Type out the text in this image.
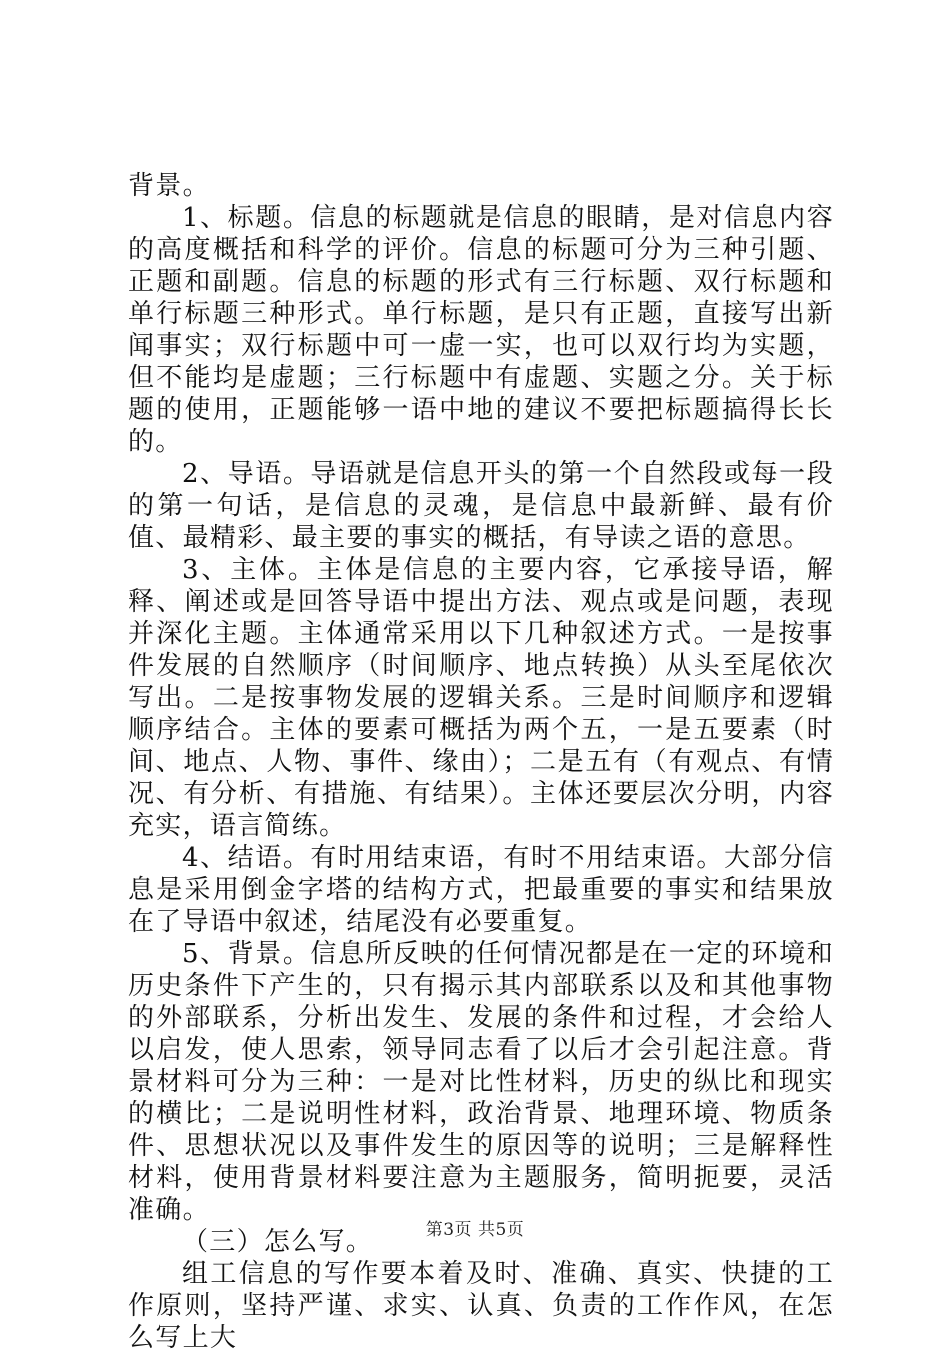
背景。

1、标题。信息的标题就是信息的眼睛，是对信息内容的高度概括和科学的评价。信息的标题可分为三种引题、正题和副题。信息的标题的形式有三行标题、双行标题和单行标题三种形式。单行标题，是只有正题，直接写出新闻事实；双行标题中可一虚一实，也可以双行均为实题，但不能均是虚题；三行标题中有虚题、实题之分。关于标题的使用，正题能够一语中地的建议不要把标题搞得长长的。

2、导语。导语就是信息开头的第一个自然段或每一段的第一句话，是信息的灵魂，是信息中最新鲜、最有价值、最精彩、最主要的事实的概括，有导读之语的意思。

3、主体。主体是信息的主要内容，它承接导语，解释、阐述或是回答导语中提出方法、观点或是问题，表现并深化主题。主体通常采用以下几种叙述方式。一是按事件发展的自然顺序（时间顺序、地点转换）从头至尾依次写出。二是按事物发展的逻辑关系。三是时间顺序和逻辑顺序结合。主体的要素可概括为两个五，一是五要素（时间、地点、人物、事件、缘由）；二是五有（有观点、有情况、有分析、有措施、有结果）。主体还要层次分明，内容充实，语言简练。

4、结语。有时用结束语，有时不用结束语。大部分信息是采用倒金字塔的结构方式，把最重要的事实和结果放在了导语中叙述，结尾没有必要重复。

5、背景。信息所反映的任何情况都是在一定的环境和历史条件下产生的，只有揭示其内部联系以及和其他事物的外部联系，分析出发生、发展的条件和过程，才会给人以启发，使人思索，领导同志看了以后才会引起注意。背景材料可分为三种：一是对比性材料，历史的纵比和现实的横比；二是说明性材料，政治背景、地理环境、物质条件、思想状况以及事件发生的原因等的说明；三是解释性材料，使用背景材料要注意为主题服务，简明扼要，灵活准确。

（三）怎么写。

组工信息的写作要本着及时、准确、真实、快捷的工作原则，坚持严谨、求实、认真、负责的工作作风，在怎么写上大

第3页 共5页
